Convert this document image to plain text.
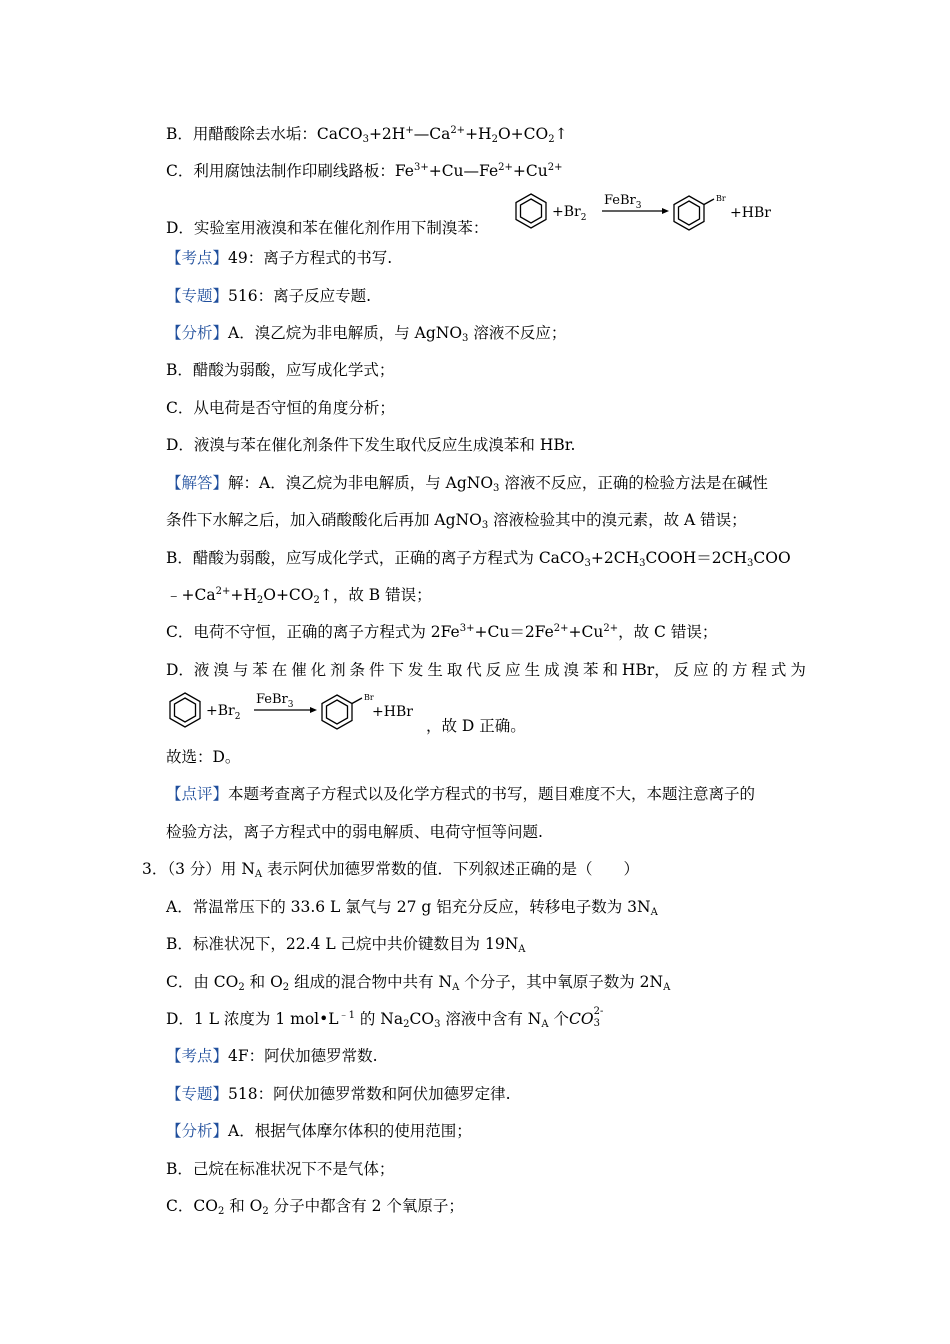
B．用醋酸除去水垢：$CaCO_3+2H^+—Ca^{2+}+H_2O+CO_2↑$
C．利用腐蚀法制作印刷线路板：$Fe^{3+}+Cu—Fe^{2+}+Cu^{2+}$
D．实验室用液溴和苯在催化剂作用下制溴苯：
$+Br_2$
FeBr$_3$
Br
+HBr
【考点】49：离子方程式的书写.
【专题】516：离子反应专题.
【分析】A．溴乙烷为非电解质，与 AgNO$_3$ 溶液不反应；
B．醋酸为弱酸，应写成化学式；
C．从电荷是否守恒的角度分析；
D．液溴与苯在催化剂条件下发生取代反应生成溴苯和 HBr.
【解答】解：A．溴乙烷为非电解质，与 AgNO$_3$ 溶液不反应，正确的检验方法是在碱性
条件下水解之后，加入硝酸酸化后再加 AgNO$_3$ 溶液检验其中的溴元素，故 A 错误；
B．醋酸为弱酸，应写成化学式，正确的离子方程式为 $CaCO_3+2CH_3COOH=2CH_3COO$
$﹣+Ca^{2+}+H_2O+CO_2↑$，故 B 错误；
C．电荷不守恒，正确的离子方程式为 $2Fe^{3+}+Cu=2Fe^{2+}+Cu^{2+}$，故 C 错误；
D．液 溴 与 苯 在 催 化 剂 条 件 下 发 生 取 代 反 应 生 成 溴 苯 和 HBr， 反 应 的 方 程 式 为
$+Br_2$
FeBr$_3$
Br
+HBr
，故 D 正确。
故选：D。
【点评】本题考查离子方程式以及化学方程式的书写，题目难度不大，本题注意离子的
检验方法，离子方程式中的弱电解质、电荷守恒等问题.
3．（3 分）用 $N_A$ 表示阿伏加德罗常数的值．下列叙述正确的是（　　）
A．常温常压下的 33.6 L 氯气与 27 g 铝充分反应，转移电子数为 $3N_A$
B．标准状况下，22.4 L 己烷中共价键数目为 $19N_A$
C．由 $CO_2$ 和 $O_2$ 组成的混合物中共有 $N_A$ 个分子，其中氧原子数为 $2N_A$
D．1 L 浓度为 1 $mol•L^{﹣1}$ 的 $Na_2CO_3$ 溶液中含有 $N_A$ 个CO 2-
3
【考点】4F：阿伏加德罗常数.
【专题】518：阿伏加德罗常数和阿伏加德罗定律.
【分析】A．根据气体摩尔体积的使用范围；
B．己烷在标准状况下不是气体；
C．$CO_2$ 和 $O_2$ 分子中都含有 2 个氧原子；
